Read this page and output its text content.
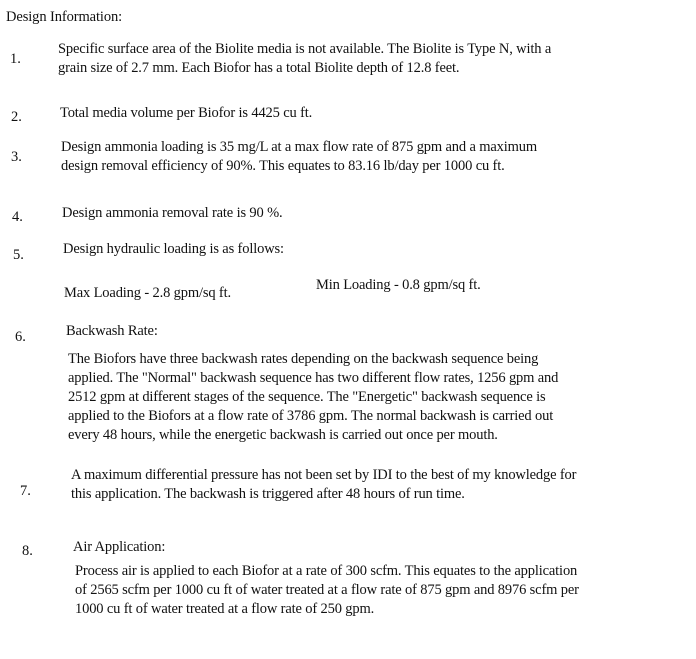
Design Information:
1.
Specific surface area of the Biolite media is not available. The Biolite is Type N, with a
grain size of 2.7 mm. Each Biofor has a total Biolite depth of 12.8 feet.
2.	Total media volume per Biofor is 4425 cu ft.
3.
Design ammonia loading is 35 mg/L at a max flow rate of 875 gpm and a maximum
design removal efficiency of 90%. This equates to 83.16 lb/day per 1000 cu ft.
4.	Design ammonia removal rate is 90 %.
5.	Design hydraulic loading is as follows:
Max Loading - 2.8 gpm/sq ft.	Min Loading - 0.8 gpm/sq ft.
6.	Backwash Rate:
The Biofors have three backwash rates depending on the backwash sequence being
applied. The "Normal" backwash sequence has two different flow rates, 1256 gpm and
2512 gpm at different stages of the sequence. The "Energetic" backwash sequence is
applied to the Biofors at a flow rate of 3786 gpm. The normal backwash is carried out
every 48 hours, while the energetic backwash is carried out once per mouth.
7.
A maximum differential pressure has not been set by IDI to the best of my knowledge for
this application. The backwash is triggered after 48 hours of run time.
8.	Air Application:
Process air is applied to each Biofor at a rate of 300 scfm. This equates to the application
of 2565 scfm per 1000 cu ft of water treated at a flow rate of 875 gpm and 8976 scfm per
1000 cu ft of water treated at a flow rate of 250 gpm.
